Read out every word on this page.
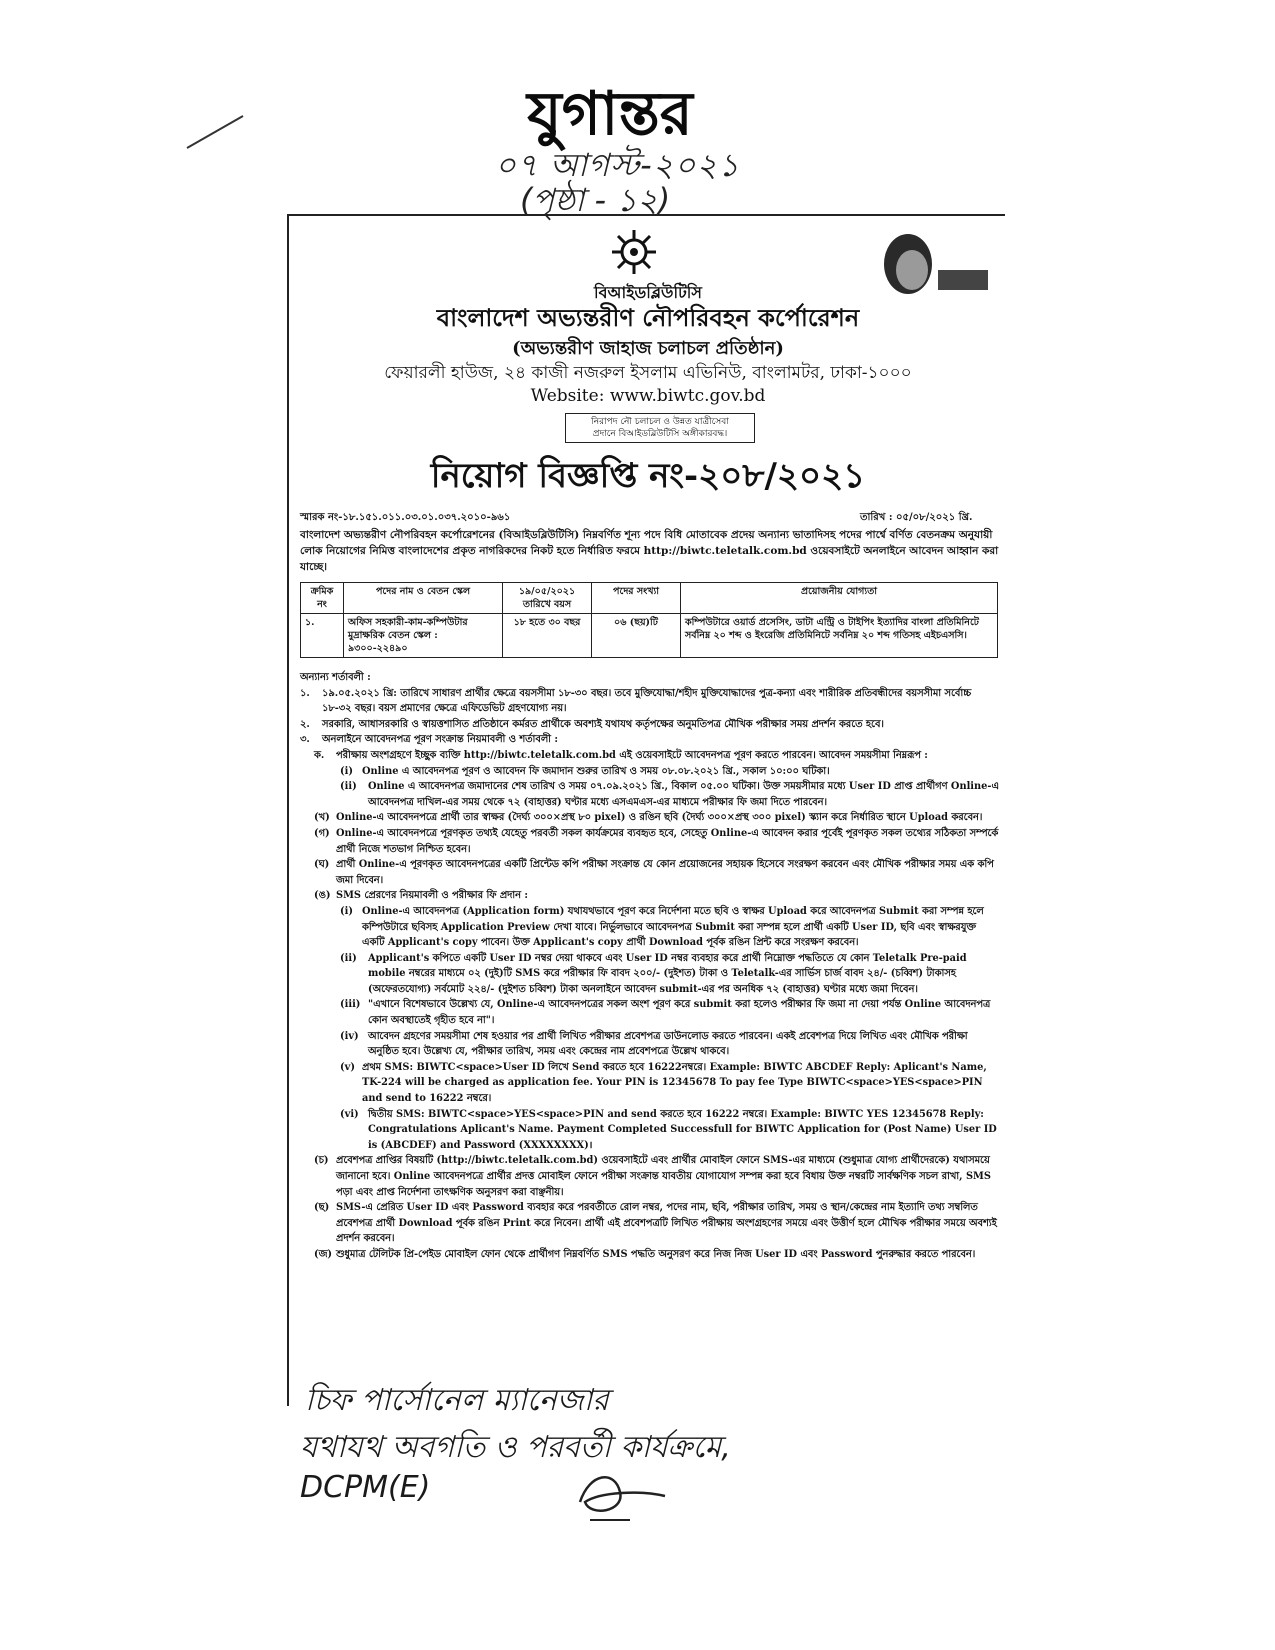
যুগান্তর
০৭ আগস্ট-২০২১
(পৃষ্ঠা - ১২)
বিআইডব্লিউটিসি
বাংলাদেশ অভ্যন্তরীণ নৌপরিবহন কর্পোরেশন
(অভ্যন্তরীণ জাহাজ চলাচল প্রতিষ্ঠান)
ফেয়ারলী হাউজ, ২৪ কাজী নজরুল ইসলাম এভিনিউ, বাংলামটর, ঢাকা-১০০০
Website: www.biwtc.gov.bd
নিরাপদ নৌ চলাচল ও উন্নত যাত্রীসেবা
প্রদানে বিআইডব্লিউটিসি অঙ্গীকারবদ্ধ।
নিয়োগ বিজ্ঞপ্তি নং-২০৮/২০২১
স্মারক নং-১৮.১৫১.০১১.০৩.০১.০৩৭.২০১০-৯৬১	তারিখ : ০৫/০৮/২০২১ খ্রি.
বাংলাদেশ অভ্যন্তরীণ নৌপরিবহন কর্পোরেশনের (বিআইডব্লিউটিসি) নিম্নবর্ণিত শূন্য পদে বিধি মোতাবেক প্রদেয় অন্যান্য ভাতাদিসহ পদের পার্শ্বে বর্ণিত বেতনক্রম অনুযায়ী লোক নিয়োগের নিমিত্ত বাংলাদেশের প্রকৃত নাগরিকদের নিকট হতে নির্ধারিত ফরমে http://biwtc.teletalk.com.bd ওয়েবসাইটে অনলাইনে আবেদন আহ্বান করা যাচ্ছে।
ক্রমিক নং	পদের নাম ও বেতন স্কেল	১৯/০৫/২০২১ তারিখে বয়স	পদের সংখ্যা	প্রয়োজনীয় যোগ্যতা
১.	অফিস সহকারী-কাম-কম্পিউটার মুদ্রাক্ষরিক বেতন স্কেল : ৯৩০০-২২৪৯০	১৮ হতে ৩০ বছর	০৬ (ছয়)টি	কম্পিউটারে ওয়ার্ড প্রসেসিং, ডাটা এন্ট্রি ও টাইপিং ইত্যাদির বাংলা প্রতিমিনিটে সর্বনিম্ন ২০ শব্দ ও ইংরেজি প্রতিমিনিটে সর্বনিম্ন ২০ শব্দ গতিসহ এইচএসসি।
অন্যান্য শর্তাবলী :
১.	১৯.০৫.২০২১ খ্রি: তারিখে সাধারণ প্রার্থীর ক্ষেত্রে বয়সসীমা ১৮-৩০ বছর। তবে মুক্তিযোদ্ধা/শহীদ মুক্তিযোদ্ধাদের পুত্র-কন্যা এবং শারীরিক প্রতিবন্ধীদের বয়সসীমা সর্বোচ্চ ১৮-৩২ বছর। বয়স প্রমাণের ক্ষেত্রে এফিডেভিট গ্রহণযোগ্য নয়।
২.	সরকারি, আধাসরকারি ও স্বায়ত্তশাসিত প্রতিষ্ঠানে কর্মরত প্রার্থীকে অবশ্যই যথাযথ কর্তৃপক্ষের অনুমতিপত্র মৌখিক পরীক্ষার সময় প্রদর্শন করতে হবে।
৩.	অনলাইনে আবেদনপত্র পূরণ সংক্রান্ত নিয়মাবলী ও শর্তাবলী :
ক.	পরীক্ষায় অংশগ্রহণে ইচ্ছুক ব্যক্তি http://biwtc.teletalk.com.bd এই ওয়েবসাইটে আবেদনপত্র পূরণ করতে পারবেন। আবেদন সময়সীমা নিম্নরূপ :
(i) Online এ আবেদনপত্র পূরণ ও আবেদন ফি জমাদান শুরুর তারিখ ও সময় ০৮.০৮.২০২১ খ্রি., সকাল ১০:০০ ঘটিকা।
(ii)	Online এ আবেদনপত্র জমাদানের শেষ তারিখ ও সময় ০৭.০৯.২০২১ খ্রি., বিকাল ০৫.০০ ঘটিকা। উক্ত সময়সীমার মধ্যে User ID প্রাপ্ত প্রার্থীগণ Online-এ আবেদনপত্র দাখিল-এর সময় থেকে ৭২ (বাহাত্তর) ঘণ্টার মধ্যে এসএমএস-এর মাধ্যমে পরীক্ষার ফি জমা দিতে পারবেন।
(খ) Online-এ আবেদনপত্রে প্রার্থী তার স্বাক্ষর (দৈর্ঘ্য ৩০০×প্রস্থ ৮০ pixel) ও রঙিন ছবি (দৈর্ঘ্য ৩০০×প্রস্থ ৩০০ pixel) স্ক্যান করে নির্ধারিত স্থানে Upload করবেন।
(গ) Online-এ আবেদনপত্রে পূরণকৃত তথ্যই যেহেতু পরবর্তী সকল কার্যক্রমের ব্যবহৃত হবে, সেহেতু Online-এ আবেদন করার পূর্বেই পূরণকৃত সকল তথ্যের সঠিকতা সম্পর্কে প্রার্থী নিজে শতভাগ নিশ্চিত হবেন।
(ঘ) প্রার্থী Online-এ পূরণকৃত আবেদনপত্রের একটি প্রিন্টেড কপি পরীক্ষা সংক্রান্ত যে কোন প্রয়োজনের সহায়ক হিসেবে সংরক্ষণ করবেন এবং মৌখিক পরীক্ষার সময় এক কপি জমা দিবেন।
(ঙ) SMS প্রেরণের নিয়মাবলী ও পরীক্ষার ফি প্রদান :
(i) Online-এ আবেদনপত্র (Application form) যথাযথভাবে পূরণ করে নির্দেশনা মতে ছবি ও স্বাক্ষর Upload করে আবেদনপত্র Submit করা সম্পন্ন হলে কম্পিউটারে ছবিসহ Application Preview দেখা যাবে। নির্ভুলভাবে আবেদনপত্র Submit করা সম্পন্ন হলে প্রার্থী একটি User ID, ছবি এবং স্বাক্ষরযুক্ত একটি Applicant's copy পাবেন। উক্ত Applicant's copy প্রার্থী Download পূর্বক রঙিন প্রিন্ট করে সংরক্ষণ করবেন।
(ii)	Applicant's কপিতে একটি User ID নম্বর দেয়া থাকবে এবং User ID নম্বর ব্যবহার করে প্রার্থী নিম্নোক্ত পদ্ধতিতে যে কোন Teletalk Pre-paid mobile নম্বরের মাধ্যমে ০২ (দুই)টি SMS করে পরীক্ষার ফি বাবদ ২০০/- (দুইশত) টাকা ও Teletalk-এর সার্ভিস চার্জ বাবদ ২৪/- (চব্বিশ) টাকাসহ (অফেরতযোগ্য) সর্বমোট ২২৪/- (দুইশত চব্বিশ) টাকা অনলাইনে আবেদন submit-এর পর অনধিক ৭২ (বাহাত্তর) ঘণ্টার মধ্যে জমা দিবেন।
(iii) "এখানে বিশেষভাবে উল্লেখ্য যে, Online-এ আবেদনপত্রের সকল অংশ পূরণ করে submit করা হলেও পরীক্ষার ফি জমা না দেয়া পর্যন্ত Online আবেদনপত্র কোন অবস্থাতেই গৃহীত হবে না"।
(iv) আবেদন গ্রহণের সময়সীমা শেষ হওয়ার পর প্রার্থী লিখিত পরীক্ষার প্রবেশপত্র ডাউনলোড করতে পারবেন। একই প্রবেশপত্র দিয়ে লিখিত এবং মৌখিক পরীক্ষা অনুষ্ঠিত হবে। উল্লেখ্য যে, পরীক্ষার তারিখ, সময় এবং কেন্দ্রের নাম প্রবেশপত্রে উল্লেখ থাকবে।
(v) প্রথম SMS: BIWTC<space>User ID লিখে Send করতে হবে 16222নম্বরে। Example: BIWTC ABCDEF Reply: Aplicant's Name, TK-224 will be charged as application fee. Your PIN is 12345678 To pay fee Type BIWTC<space>YES<space>PIN and send to 16222 নম্বরে।
(vi) দ্বিতীয় SMS: BIWTC<space>YES<space>PIN and send করতে হবে 16222 নম্বরে। Example: BIWTC YES 12345678 Reply: Congratulations Aplicant's Name. Payment Completed Successfull for BIWTC Application for (Post Name) User ID is (ABCDEF) and Password (XXXXXXXX)।
(চ) প্রবেশপত্র প্রাপ্তির বিষয়টি (http://biwtc.teletalk.com.bd) ওয়েবসাইটে এবং প্রার্থীর মোবাইল ফোনে SMS-এর মাধ্যমে (শুধুমাত্র যোগ্য প্রার্থীদেরকে) যথাসময়ে জানানো হবে। Online আবেদনপত্রে প্রার্থীর প্রদত্ত মোবাইল ফোনে পরীক্ষা সংক্রান্ত যাবতীয় যোগাযোগ সম্পন্ন করা হবে বিধায় উক্ত নম্বরটি সার্বক্ষণিক সচল রাখা, SMS পড়া এবং প্রাপ্ত নির্দেশনা তাৎক্ষণিক অনুসরণ করা বাঞ্ছনীয়।
(ছ) SMS-এ প্রেরিত User ID এবং Password ব্যবহার করে পরবর্তীতে রোল নম্বর, পদের নাম, ছবি, পরীক্ষার তারিখ, সময় ও স্থান/কেন্দ্রের নাম ইত্যাদি তথ্য সম্বলিত প্রবেশপত্র প্রার্থী Download পূর্বক রঙিন Print করে নিবেন। প্রার্থী এই প্রবেশপত্রটি লিখিত পরীক্ষায় অংশগ্রহণের সময়ে এবং উত্তীর্ণ হলে মৌখিক পরীক্ষার সময়ে অবশ্যই প্রদর্শন করবেন।
(জ) শুধুমাত্র টেলিটক প্রি-পেইড মোবাইল ফোন থেকে প্রার্থীগণ নিম্নবর্ণিত SMS পদ্ধতি অনুসরণ করে নিজ নিজ User ID এবং Password পুনরুদ্ধার করতে পারবেন।
চিফ পার্সোনেল ম্যানেজার
যথাযথ অবগতি ও পরবর্তী কার্যক্রমে,
DCPM(E)
